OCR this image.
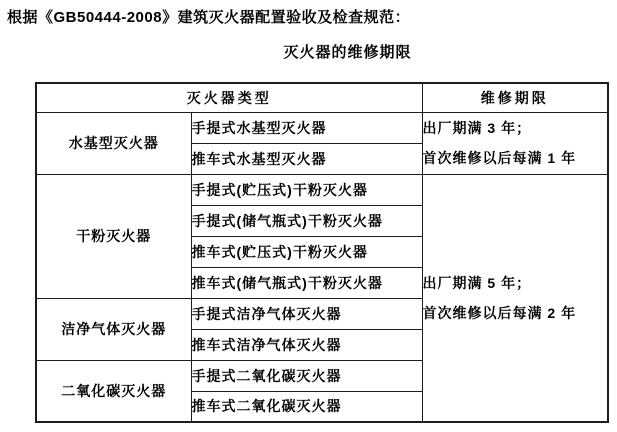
根据《GB50444-2008》建筑灭火器配置验收及检查规范：
灭火器的维修期限
灭火器类型		维修期限
水基型灭火器	手提式水基型灭火器	出厂期满 3 年；
首次维修以后每满 1 年

	推车式水基型灭火器	
干粉灭火器	手提式(贮压式)干粉灭火器	出厂期满 5 年；
首次维修以后每满 2 年

	手提式(储气瓶式)干粉灭火器	
	推车式(贮压式)干粉灭火器	
	推车式(储气瓶式)干粉灭火器	
洁净气体灭火器	手提式洁净气体灭火器	
	推车式洁净气体灭火器	
二氧化碳灭火器	手提式二氧化碳灭火器	
	推车式二氧化碳灭火器	
